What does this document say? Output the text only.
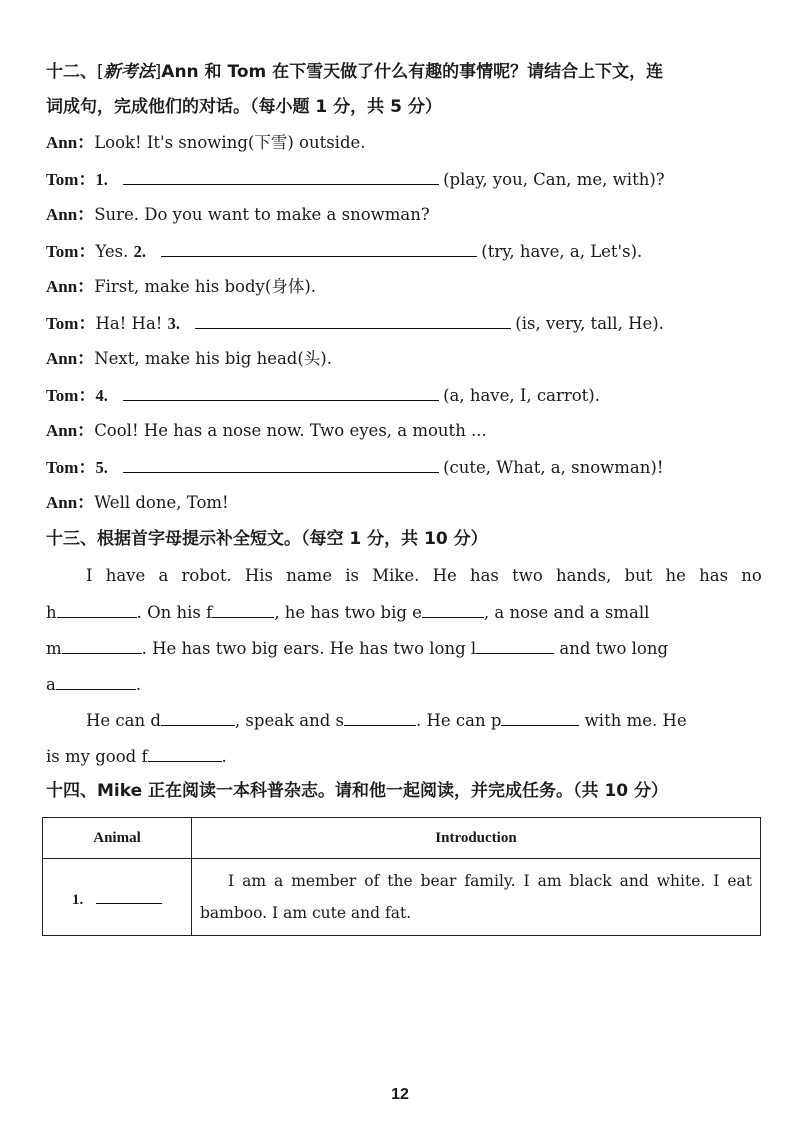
十二、[新考法]Ann 和 Tom 在下雪天做了什么有趣的事情呢？请结合上下文，连
词成句，完成他们的对话。（每小题 1 分，共 5 分）
Ann：Look! It's snowing(下雪) outside.
Tom：1.	(play, you, Can, me, with)?
Ann：Sure. Do you want to make a snowman?
Tom：Yes. 2.	(try, have, a, Let's).
Ann：First, make his body(身体).
Tom：Ha! Ha! 3.	(is, very, tall, He).
Ann：Next, make his big head(头).
Tom：4.	(a, have, I, carrot).
Ann：Cool! He has a nose now. Two eyes, a mouth ...
Tom：5.	(cute, What, a, snowman)!
Ann：Well done, Tom!
十三、根据首字母提示补全短文。（每空 1 分，共 10 分）
I have a robot. His name is Mike. He has two hands, but he has no
h	. On his f	, he has two big e	, a nose and a small
m	. He has two big ears. He has two long l	and two long
a	.
He can d	, speak and s	. He can p	with me. He
is my good f	.
十四、Mike 正在阅读一本科普杂志。请和他一起阅读，并完成任务。（共 10 分）
Animal	Introduction
1.	I am a member of the bear family. I am black and white. I eat bamboo. I am cute and fat.
12
